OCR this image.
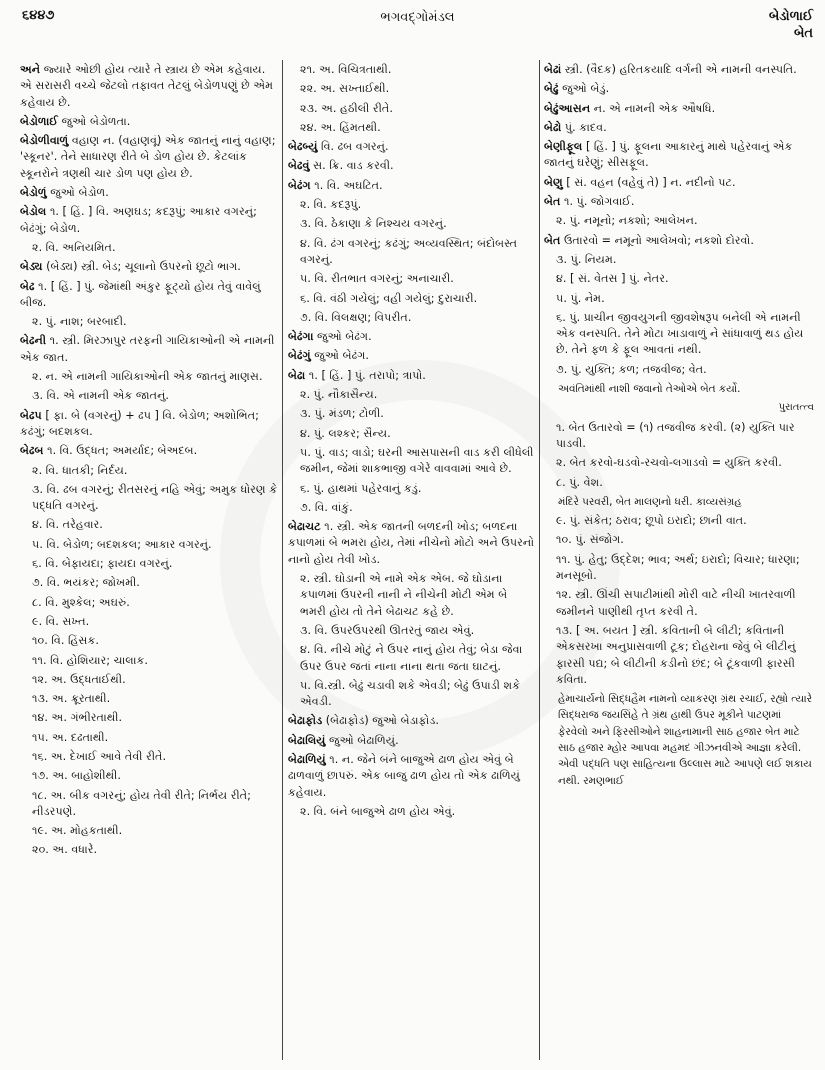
૬૪૪૭	ભગવદ્ગોમંડલ	બેડોળાઈ
બેત

અને જ્યારે ઓછી હોય ત્યારે તે સ્ત્રાય છે એમ કહેવાય. એ સરાસરી વચ્ચે જેટલો તફાવત તેટલું બેડોળપણું છે એમ કહેવાય છે.

બેડોળાઈ જુઓ બેડોળતા.

બેડોળીવાળું વહાણ ન. (વહાણવૂં) એક જાતનું નાનું વહાણ; 'સ્કૂનર'. તેને સાધારણ રીતે બે ડોળ હોય છે. કેટલાંક સ્કૂનરોને ત્રણથી ચાર ડોળ પણ હોય છે.

બેડોળું જુઓ બેડોળ.

બેડોલ ૧. [ હિં. ] વિ. અણઘડ; કદરૂપું; આકાર વગરનું; બેઢંગું; બેડોળ.

૨. વિ. અનિયમિત.

બેડ્ય (બેડ્ય) સ્ત્રી. બેડ; ચૂલાનો ઉપરનો છૂટો ભાગ.

બેઢ ૧. [ હિં. ] પું. જેમાંથી અંકુર ફૂટ્યો હોય તેવું વાવેલું બીજ.

૨. પું. નાશ; બરબાદી.

બેઢની ૧. સ્ત્રી. મિરઝાપુર તરફની ગાયિકાઓની એ નામની એક જાત.

૨. ન. એ નામની ગાયિકાઓની એક જાતનું માણસ.

૩. વિ. એ નામની એક જાતનું.

બેઢપ [ ફા. બે (વગરનું) + ઢપ ] વિ. બેડોળ; અશોભિત; કઢંગું; બદશકલ.

બેઢબ ૧. વિ. ઉદ્ધત; અમર્યાદ; બેઅદબ.

૨. વિ. ધાતકી; નિર્દય.

૩. વિ. ઢબ વગરનું; રીતસરનું નહિ એવું; અમુક ધોરણ કે પદ્ધતિ વગરનું.

૪. વિ. તરેહવાર.

૫. વિ. બેડોળ; બદશકલ; આકાર વગરનું.

૬. વિ. બેફાયદા; ફાયદા વગરનું.

૭. વિ. ભયંકર; જોખમી.

૮. વિ. મુશ્કેલ; અઘરું.

૯. વિ. સખ્ત.

૧૦. વિ. હિંસક.

૧૧. વિ. હોશિયાર; ચાલાક.

૧૨. અ. ઉદ્ધતાઈથી.

૧૩. અ. ક્રૂરતાથી.

૧૪. અ. ગંભીરતાથી.

૧૫. અ. દઢતાથી.

૧૬. અ. દેખાઈ આવે તેવી રીતે.

૧૭. અ. બાહોશીથી.

૧૮. અ. બીક વગરનું; હોય તેવી રીતે; નિર્ભય રીતે; નીડરપણે.

૧૯. અ. મોહકતાથી.

૨૦. અ. વધારે.

૨૧. અ. વિચિત્રતાથી.

૨૨. અ. સખ્તાઈથી.

૨૩. અ. હઠીલી રીતે.

૨૪. અ. હિંમતથી.

બેઢબ્યું વિ. ઢબ વગરનું.

બેઢવું સ. ક્રિ. વાડ કરવી.

બેઢંગ ૧. વિ. અઘટિત.

૨. વિ. કદરૂપું.

૩. વિ. ઠેકાણા કે નિશ્ચય વગરનું.

૪. વિ. ઢંગ વગરનું; કઢંગું; અવ્યવસ્થિત; બંદોબસ્ત વગરનું.

૫. વિ. રીતભાત વગરનું; અનાચારી.

૬. વિ. વંઠી ગયેલું; વહી ગયેલું; દુરાચારી.

૭. વિ. વિલક્ષણ; વિપરીત.

બેઢંગા જુઓ બેઢંગ.

બેઢંગું જુઓ બેઢંગ.

બેઢા ૧. [ હિં. ] પું. તરાપો; ત્રાપો.

૨. પું. નૌકાસૈન્ય.

૩. પું. મંડળ; ટોળી.

૪. પું. લશ્કર; સૈન્ય.

૫. પું. વાડ; વાડો; ઘરની આસપાસની વાડ કરી લીધેલી જમીન, જેમાં શાકભાજી વગેરે વાવવામાં આવે છે.

૬. પું. હાથમાં પહેરવાનું કડું.

૭. વિ. વાંકું.

બેઢાચટ ૧. સ્ત્રી. એક જાતની બળદની ખોડ; બળદના કપાળમાં બે ભમરા હોય, તેમાં નીચેનો મોટો અને ઉપરનો નાનો હોય તેવી ખોડ.

૨. સ્ત્રી. ઘોડાની એ નામે એક એબ. જે ઘોડાના કપાળમાં ઉપરની નાની ને નીચેની મોટી એમ બે ભમરી હોય તો તેને બેઢાચટ કહે છે.

૩. વિ. ઉપરઉપરથી ઊતરતું જાય એવું.

૪. વિ. નીચે મોટું ને ઉપર નાનું હોય તેવું; બેડા જેવા ઉપર ઉપર જતાં નાના નાના થતા જતા ઘાટનું.

૫. વિ.સ્ત્રી. બેઢું ચડાવી શકે એવડી; બેઢું ઉપાડી શકે એવડી.

બેઢાફોડ (બેઢાફોડ) જુઓ બેડાફોડ.

બેઢાલિયું જુઓ બેઢાળિયું.

બેઢાળિયું ૧. ન. જેને બંને બાજુએ ઢાળ હોય એવું બે ઢાળવાળું છાપરું. એક બાજુ ઢાળ હોય તો એક ઢાળિયું કહેવાય.

૨. વિ. બંને બાજુએ ઢાળ હોય એવું.

બેઢાં સ્ત્રી. (વૈદક) હરિતકયાદિ વર્ગની એ નામની વનસ્પતિ.

બેઢું જુઓ બેડું.

બેઢુંઆસન ન. એ નામની એક ઔષધિ.

બેઢો પું. કાદવ.

બેણીફૂલ [ હિં. ] પું. ફૂલના આકારનું માથે પહેરવાનું એક જાતનું ઘરેણું; સીસફૂલ.

બેણુ [ સં. વહન (વહેવું તે) ] ન. નદીનો પટ.

બેત ૧. પું. જોગવાઈ.

૨. પું. નમૂનો; નકશો; આલેખન.

બેત ઉતારવો = નમૂનો આલેખવો; નકશો દોરવો.

૩. પું. નિયમ.

૪. [ સં. વેતસ ] પું. નેતર.

૫. પું. નેમ.

૬. પું. પ્રાચીન જીવયુગની જીવશેષરૂપ બનેલી એ નામની એક વનસ્પતિ. તેને મોટા ખાડાવાળું ને સાંધાવાળું થડ હોય છે. તેને ફળ કે ફૂલ આવતાં નથી.

૭. પું. યુક્તિ; કળ; તજવીજ; વેત.

અવંતિમાંથી નાશી જવાનો તેઓએ બેત કર્યો.

પુરાતત્ત્વ

૧. બેત ઉતારવો = (૧) તજવીજ કરવી. (૨) યુક્તિ પાર પાડવી.

૨. બેત કરવો-ઘડવો-રચવો-લગાડવો = યુક્તિ કરવી.

૮. પું. વેશ.

મંદિરે પરવરી, બેત માલણનો ધરી. કાવ્યસંગ્રહ

૯. પું. સંકેત; ઠરાવ; છૂપો ઇરાદો; છાની વાત.

૧૦. પું. સંજોગ.

૧૧. પું. હેતુ; ઉદ્દેશ; ભાવ; અર્થ; ઇરાદો; વિચાર; ધારણા; મનસૂબો.

૧૨. સ્ત્રી. ઊંચી સપાટીમાંથી મોરી વાટે નીચી ખાતરવાળી જમીનને પાણીથી તૃપ્ત કરવી તે.

૧૩. [ અ. બયત ] સ્ત્રી. કવિતાની બે લીટી; કવિતાની એકસરખા અનુપ્રાસવાળી ટૂક; દોહરાના જેવું બે લીટીનું ફારસી પદ્ય; બે લીટીની કડીનો છંદ; બે ટૂંકવાળી ફારસી કવિતા.

હેમાચાર્યનો સિદ્ધહૈમ નામનો વ્યાકરણ ગ્રંથ રચાઈ, રહ્યો ત્યારે સિદ્ધરાજ જયસિંહે તે ગ્રંથ હાથી ઉપર મૂકીને પાટણમાં ફેરવેલો અને ફિરસીઓને શાહનામાની સાઠ હજાર બેત માટે સાઠ હજાર મ્હોર આપવા મહમદ ગીઝનવીએ આજ્ઞા કરેલી. એવી પદ્ધતિ પણ સાહિત્યના ઉલ્લાસ માટે આપણે લઈ શકાય નથી. રમણભાઈ
